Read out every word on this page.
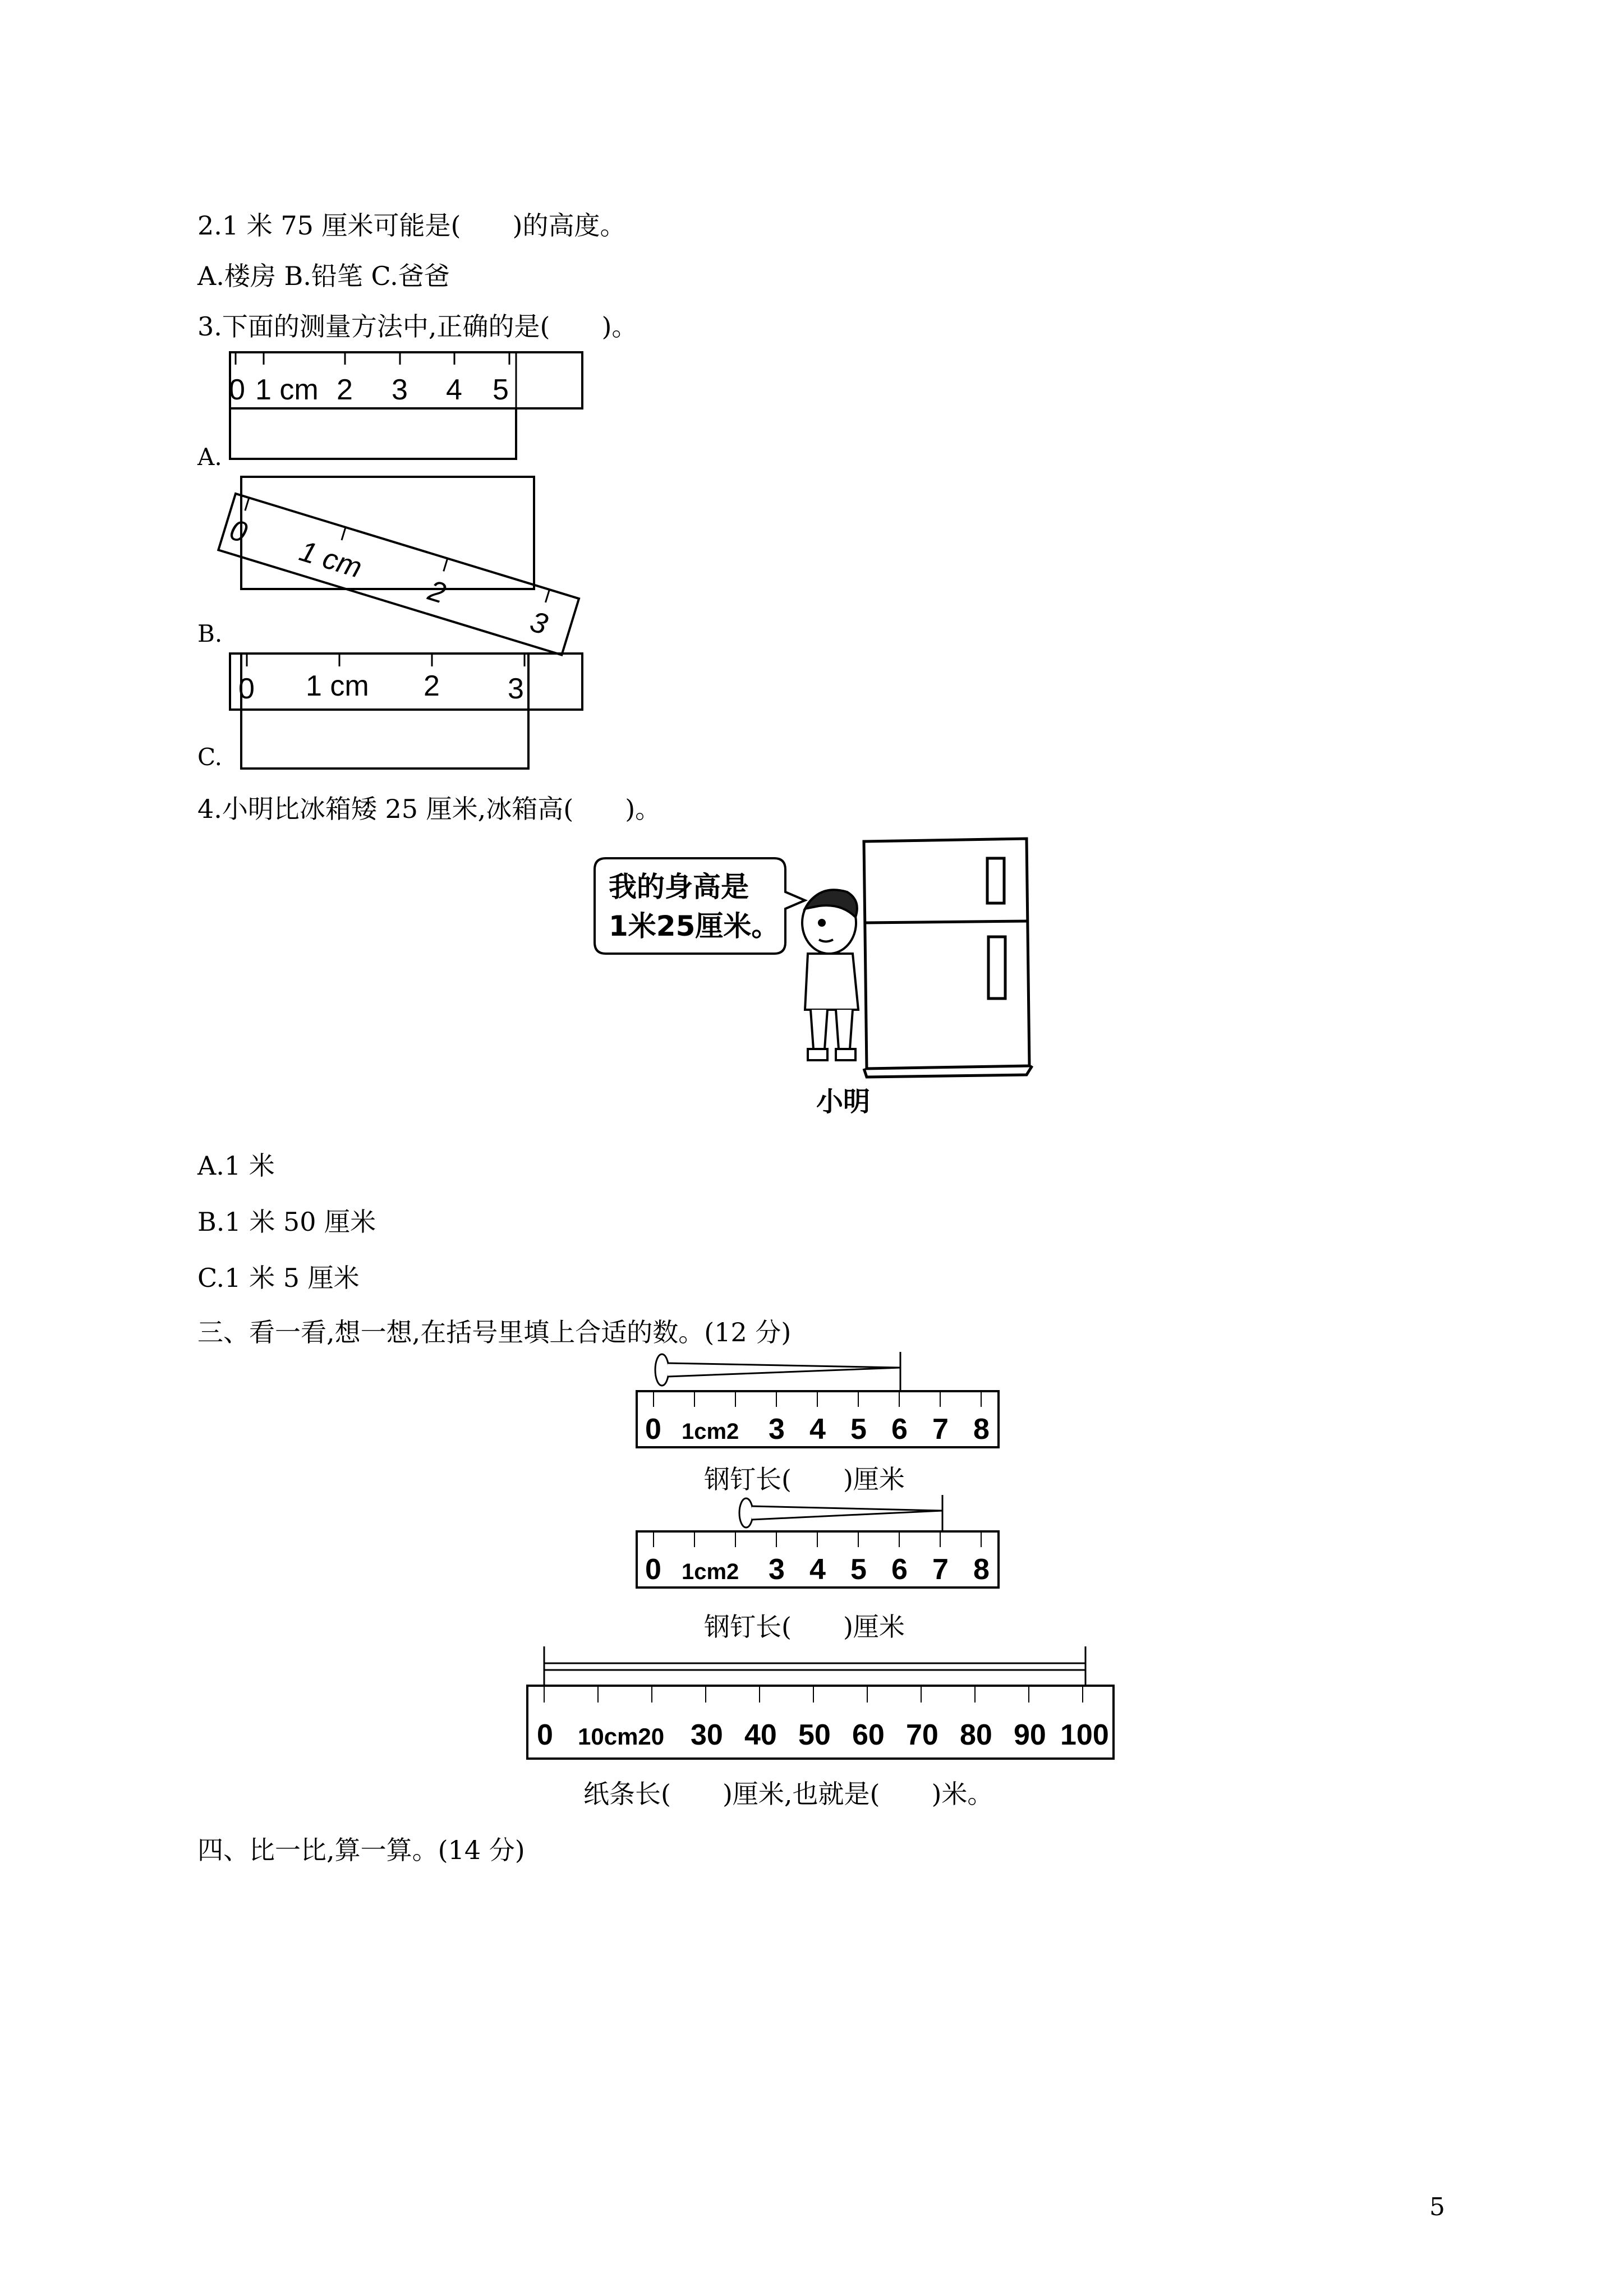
2.1 米 75 厘米可能是(　　)的高度。
A.楼房 B.铅笔 C.爸爸
3.下面的测量方法中,正确的是(　　)。
0 1 cm 2 3 4 5
A.
0
1 cm
2
3
B.
0 1 cm 2 3
C.
4.小明比冰箱矮 25 厘米,冰箱高(　　)。
我的身高是
1米25厘米。
小明
A.1 米
B.1 米 50 厘米
C.1 米 5 厘米
三、看一看,想一想,在括号里填上合适的数。(12 分)
0 1cm2 3 4 5 6 7 8
钢钉长(　　)厘米
0 1cm2 3 4 5 6 7 8
钢钉长(　　)厘米
0 10cm20 30 40 50 60 70 80 90 100
纸条长(　　)厘米,也就是(　　)米。
四、比一比,算一算。(14 分)
5
